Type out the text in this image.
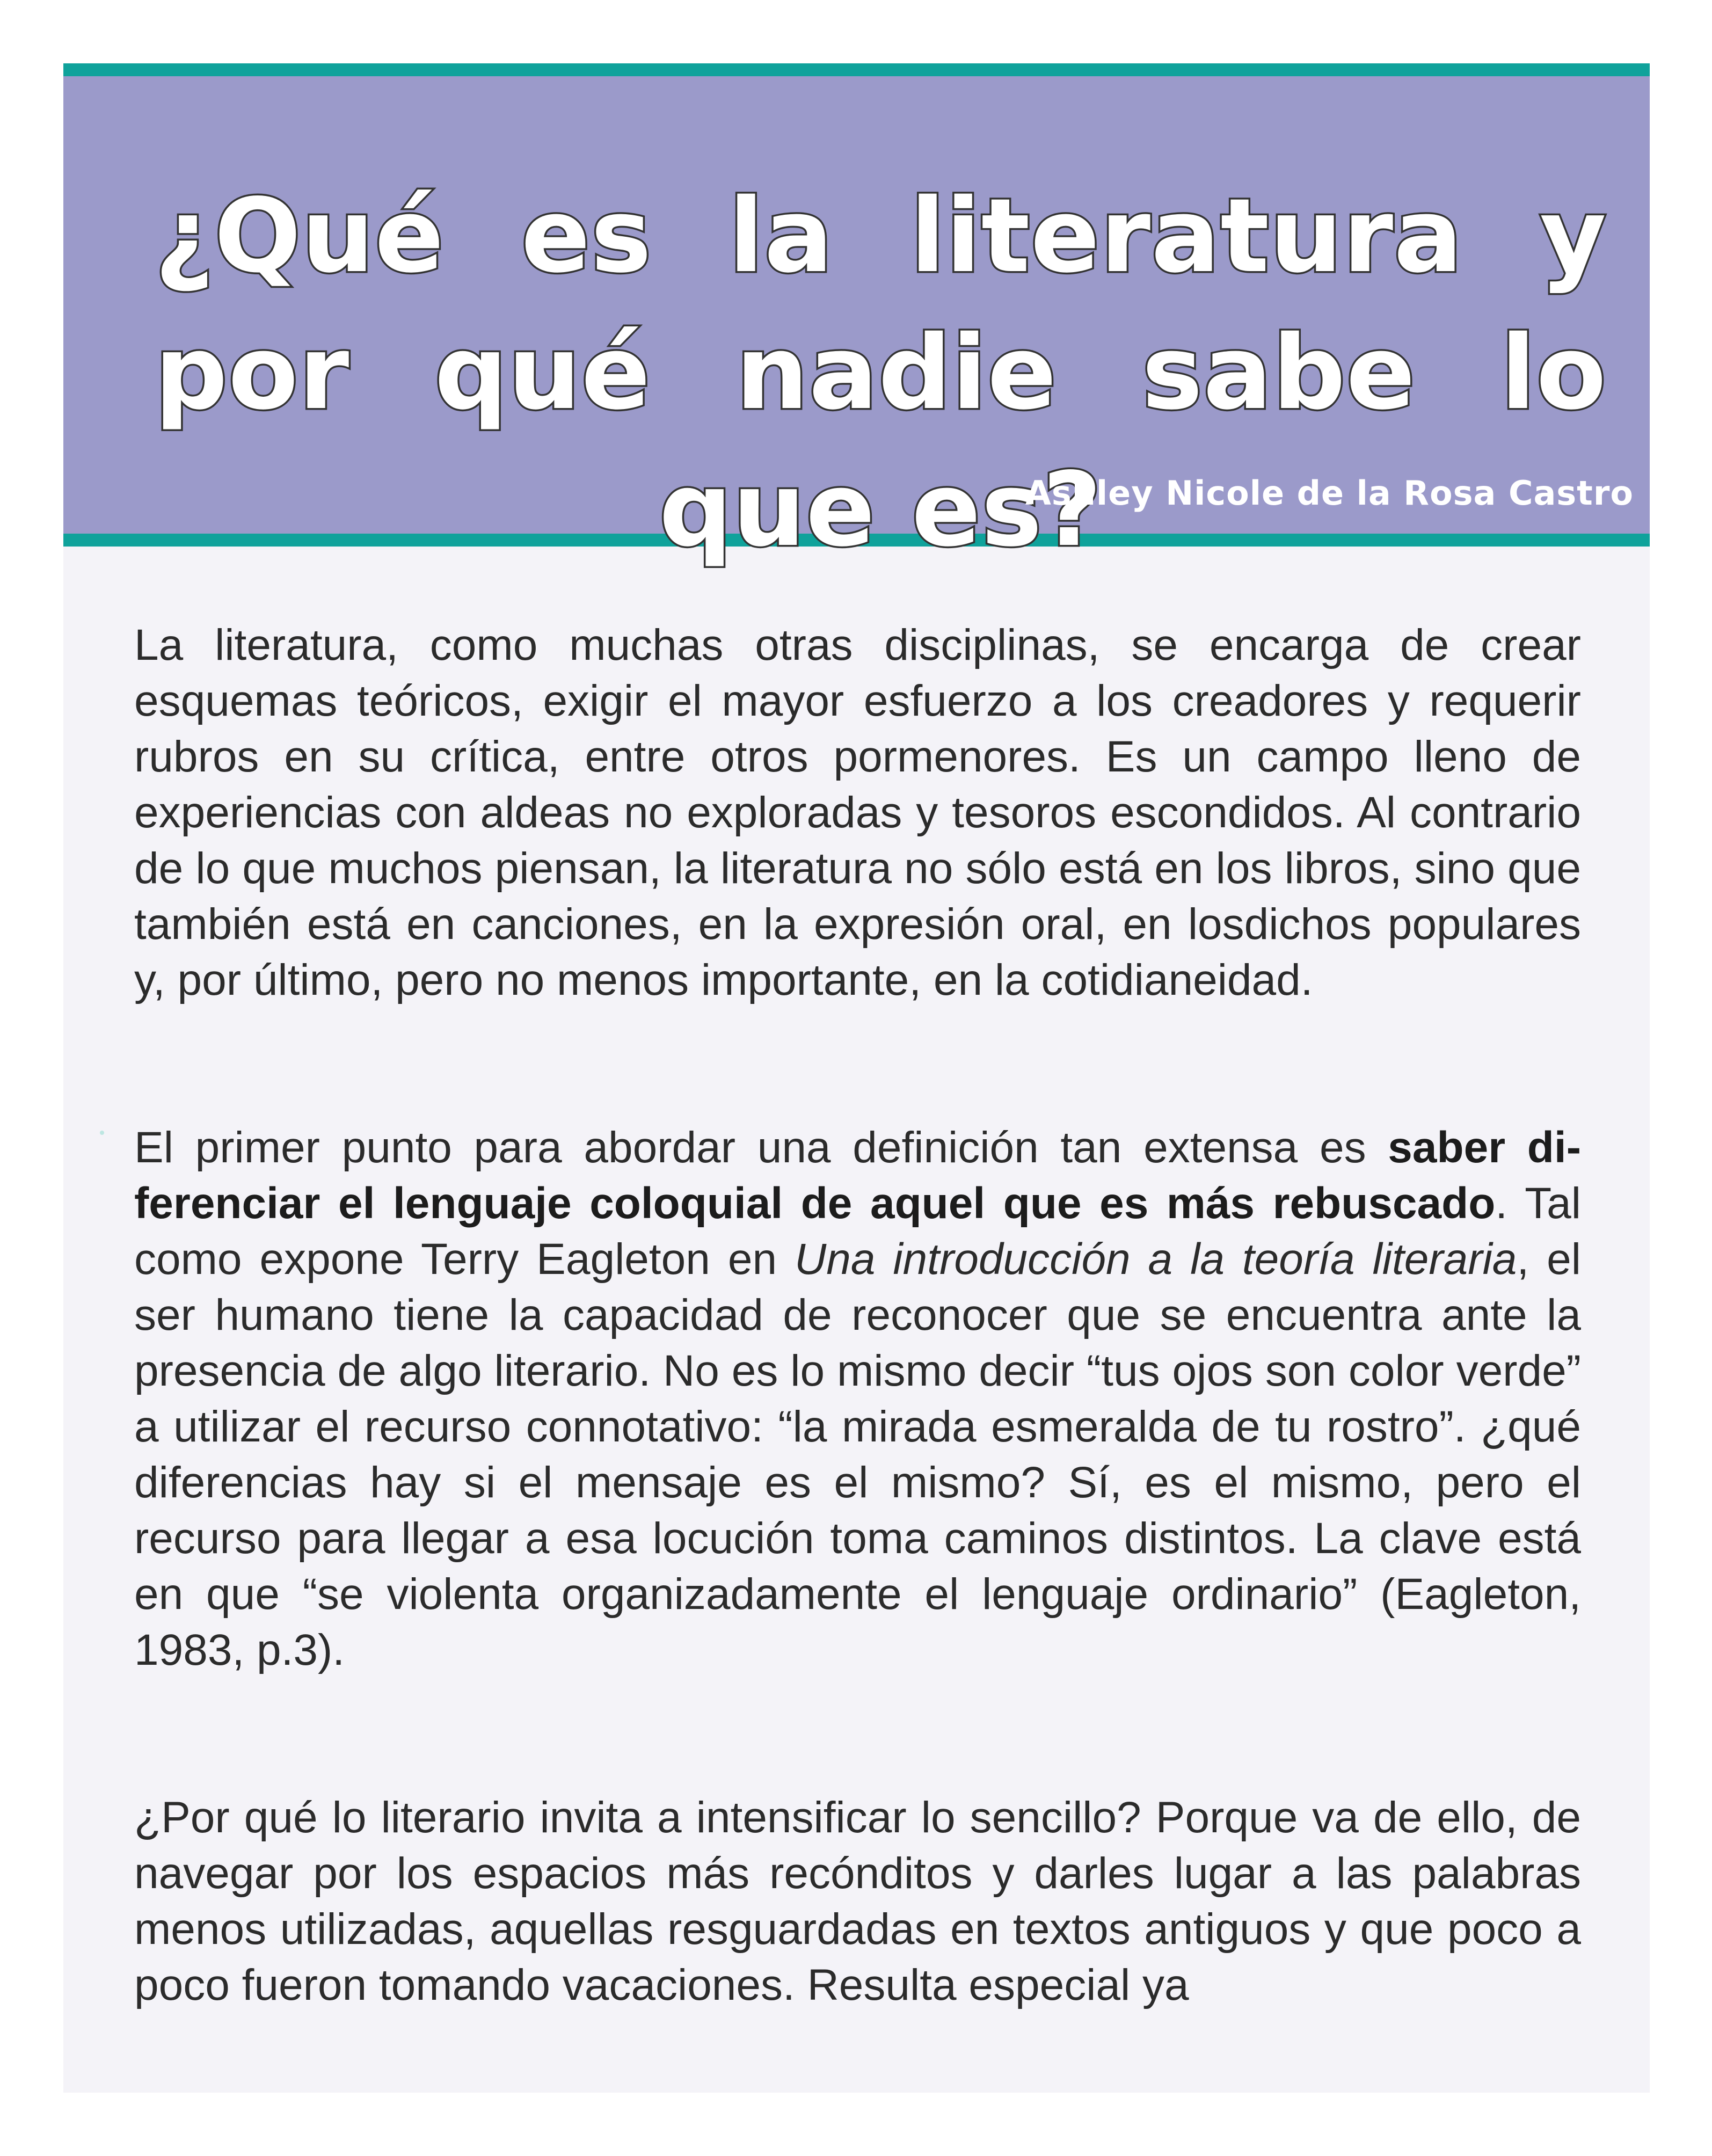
¿Qué es la literatura y por qué nadie sabe lo que es?
Ashley Nicole de la Rosa Castro

La literatura, como muchas otras disciplinas, se encarga de crear esquemas teóricos, exigir el mayor esfuerzo a los creadores y requerir rubros en su crítica, entre otros pormenores. Es un campo lleno de experiencias con aldeas no exploradas y tesoros escondidos. Al contrario de lo que muchos piensan, la literatura no sólo está en los libros, sino que también está en canciones, en la expresión oral, en losdichos populares y, por último, pero no menos importante, en la cotidianeidad.

El primer punto para abordar una definición tan extensa es saber diferenciar el lenguaje coloquial de aquel que es más rebuscado. Tal como expone Terry Eagleton en Una introducción a la teoría literaria, el ser humano tiene la capacidad de reconocer que se encuentra ante la presencia de algo literario. No es lo mismo decir “tus ojos son color verde” a utilizar el recurso connotativo: “la mirada esmeralda de tu rostro”. ¿qué diferencias hay si el mensaje es el mismo? Sí, es el mismo, pero el recurso para llegar a esa locución toma caminos distintos. La clave está en que “se violenta organizadamente el lenguaje ordinario” (Eagleton, 1983, p.3).

¿Por qué lo literario invita a intensificar lo sencillo? Porque va de ello, de navegar por los espacios más recónditos y darles lugar a las palabras menos utilizadas, aquellas resguardadas en textos antiguos y que poco a poco fueron tomando vacaciones. Resulta especial ya
